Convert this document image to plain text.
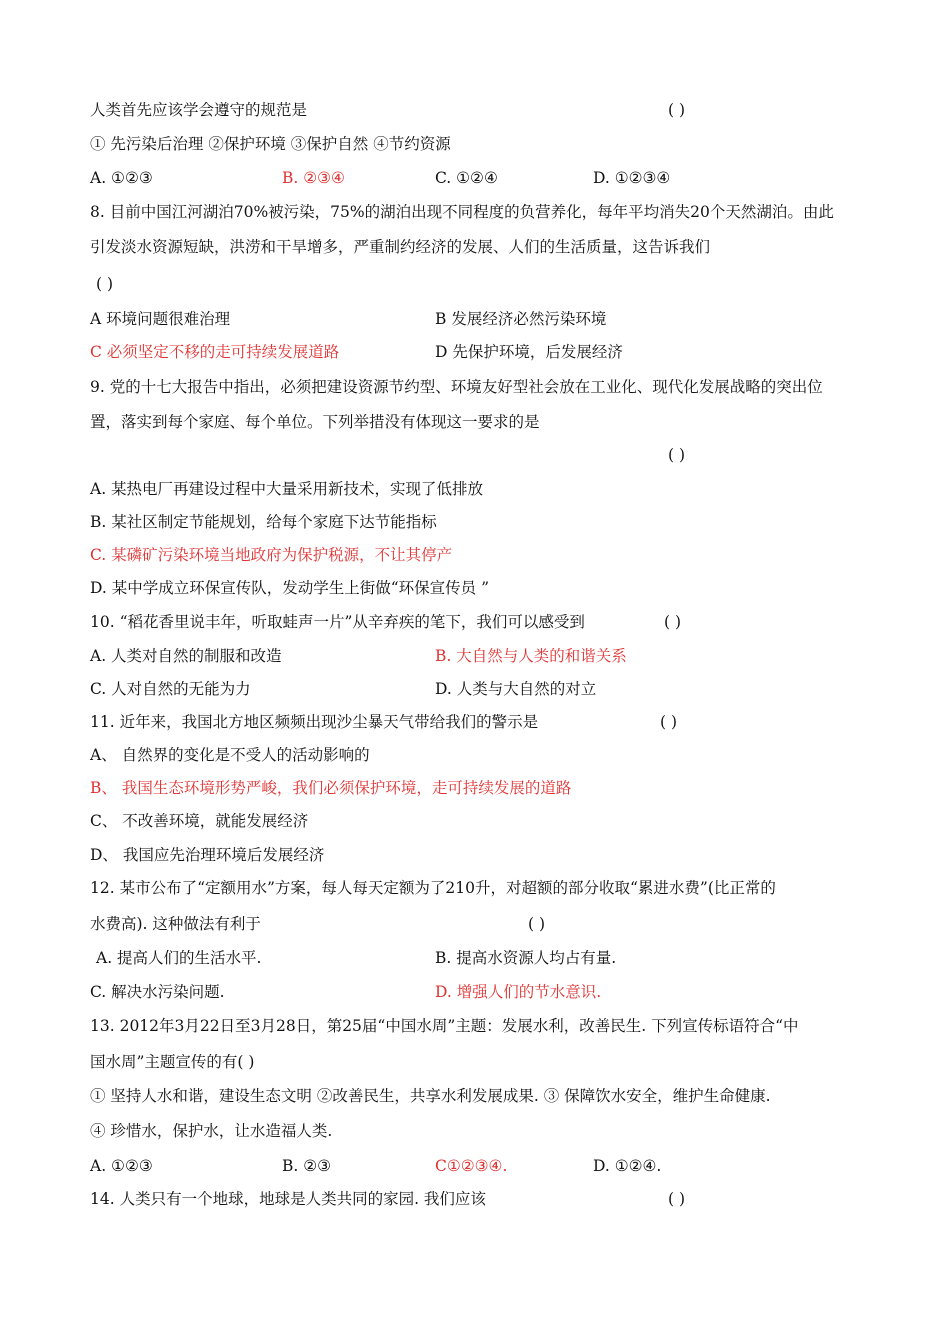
人类首先应该学会遵守的规范是	( )
① 先污染后治理 ②保护环境 ③保护自然 ④节约资源
A. ①②③	B. ②③④	C. ①②④	D. ①②③④
8. 目前中国江河湖泊70%被污染，75%的湖泊出现不同程度的负营养化，每年平均消失20个天然湖泊。由此
引发淡水资源短缺，洪涝和干旱增多，严重制约经济的发展、人们的生活质量，这告诉我们
( )
A 环境问题很难治理	B 发展经济必然污染环境
C 必须坚定不移的走可持续发展道路	D 先保护环境，后发展经济
9. 党的十七大报告中指出，必须把建设资源节约型、环境友好型社会放在工业化、现代化发展战略的突出位
置，落实到每个家庭、每个单位。下列举措没有体现这一要求的是
( )
A. 某热电厂再建设过程中大量采用新技术，实现了低排放
B. 某社区制定节能规划，给每个家庭下达节能指标
C. 某磷矿污染环境当地政府为保护税源，不让其停产
D. 某中学成立环保宣传队，发动学生上街做“环保宣传员 ”
10. “稻花香里说丰年，听取蛙声一片”从辛弃疾的笔下，我们可以感受到	( )
A. 人类对自然的制服和改造	B. 大自然与人类的和谐关系
C. 人对自然的无能为力	D. 人类与大自然的对立
11. 近年来，我国北方地区频频出现沙尘暴天气带给我们的警示是	( )
A、 自然界的变化是不受人的活动影响的
B、 我国生态环境形势严峻，我们必须保护环境，走可持续发展的道路
C、 不改善环境，就能发展经济
D、 我国应先治理环境后发展经济
12. 某市公布了“定额用水”方案，每人每天定额为了210升，对超额的部分收取“累进水费”(比正常的
水费高). 这种做法有利于	( )
A. 提高人们的生活水平.	B. 提高水资源人均占有量.
C. 解决水污染问题.	D. 增强人们的节水意识.
13. 2012年3月22日至3月28日，第25届“中国水周”主题：发展水利，改善民生. 下列宣传标语符合“中
国水周”主题宣传的有( )
① 坚持人水和谐，建设生态文明 ②改善民生，共享水利发展成果. ③ 保障饮水安全，维护生命健康.
④ 珍惜水，保护水，让水造福人类.
A. ①②③	B. ②③	C①②③④.	D. ①②④.
14. 人类只有一个地球，地球是人类共同的家园. 我们应该	( )
